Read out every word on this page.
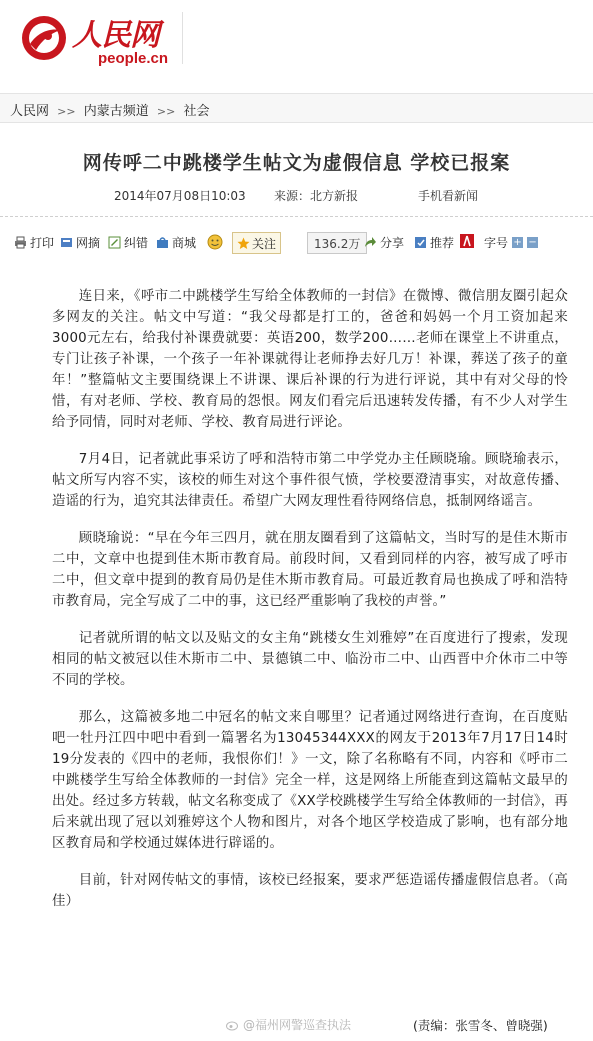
人民网
people.cn
人民网 >> 内蒙古频道 >> 社会
网传呼二中跳楼学生帖文为虚假信息 学校已报案
2014年07月08日10:03 来源：北方新报	手机看新闻
打印 网摘 纠错 商城	关注	136.2万	分享 推荐 字号 + −

连日来，《呼市二中跳楼学生写给全体教师的一封信》在微博、微信朋友圈引起众多网友的关注。帖文中写道：“我父母都是打工的，爸爸和妈妈一个月工资加起来3000元左右，给我付补课费就要：英语200，数学200……老师在课堂上不讲重点，专门让孩子补课，一个孩子一年补课就得让老师挣去好几万！补课，葬送了孩子的童年！”整篇帖文主要围绕课上不讲课、课后补课的行为进行评说，其中有对父母的怜惜，有对老师、学校、教育局的怨恨。网友们看完后迅速转发传播，有不少人对学生给予同情，同时对老师、学校、教育局进行评论。

7月4日，记者就此事采访了呼和浩特市第二中学党办主任顾晓瑜。顾晓瑜表示，帖文所写内容不实，该校的师生对这个事件很气愤，学校要澄清事实，对故意传播、造谣的行为，追究其法律责任。希望广大网友理性看待网络信息，抵制网络谣言。

顾晓瑜说：“早在今年三四月，就在朋友圈看到了这篇帖文，当时写的是佳木斯市二中，文章中也提到佳木斯市教育局。前段时间，又看到同样的内容，被写成了呼市二中，但文章中提到的教育局仍是佳木斯市教育局。可最近教育局也换成了呼和浩特市教育局，完全写成了二中的事，这已经严重影响了我校的声誉。”

记者就所谓的帖文以及贴文的女主角“跳楼女生刘雅婷”在百度进行了搜索，发现相同的帖文被冠以佳木斯市二中、景德镇二中、临汾市二中、山西晋中介休市二中等不同的学校。

那么，这篇被多地二中冠名的帖文来自哪里？记者通过网络进行查询，在百度贴吧一牡丹江四中吧中看到一篇署名为13045344XXX的网友于2013年7月17日14时19分发表的《四中的老师，我恨你们！》一文，除了名称略有不同，内容和《呼市二中跳楼学生写给全体教师的一封信》完全一样，这是网络上所能查到这篇帖文最早的出处。经过多方转载，帖文名称变成了《XX学校跳楼学生写给全体教师的一封信》，再后来就出现了冠以刘雅婷这个人物和图片，对各个地区学校造成了影响，也有部分地区教育局和学校通过媒体进行辟谣的。

目前，针对网传帖文的事情，该校已经报案，要求严惩造谣传播虚假信息者。（高佳）

@福州网警巡查执法	(责编：张雪冬、曾晓强)
